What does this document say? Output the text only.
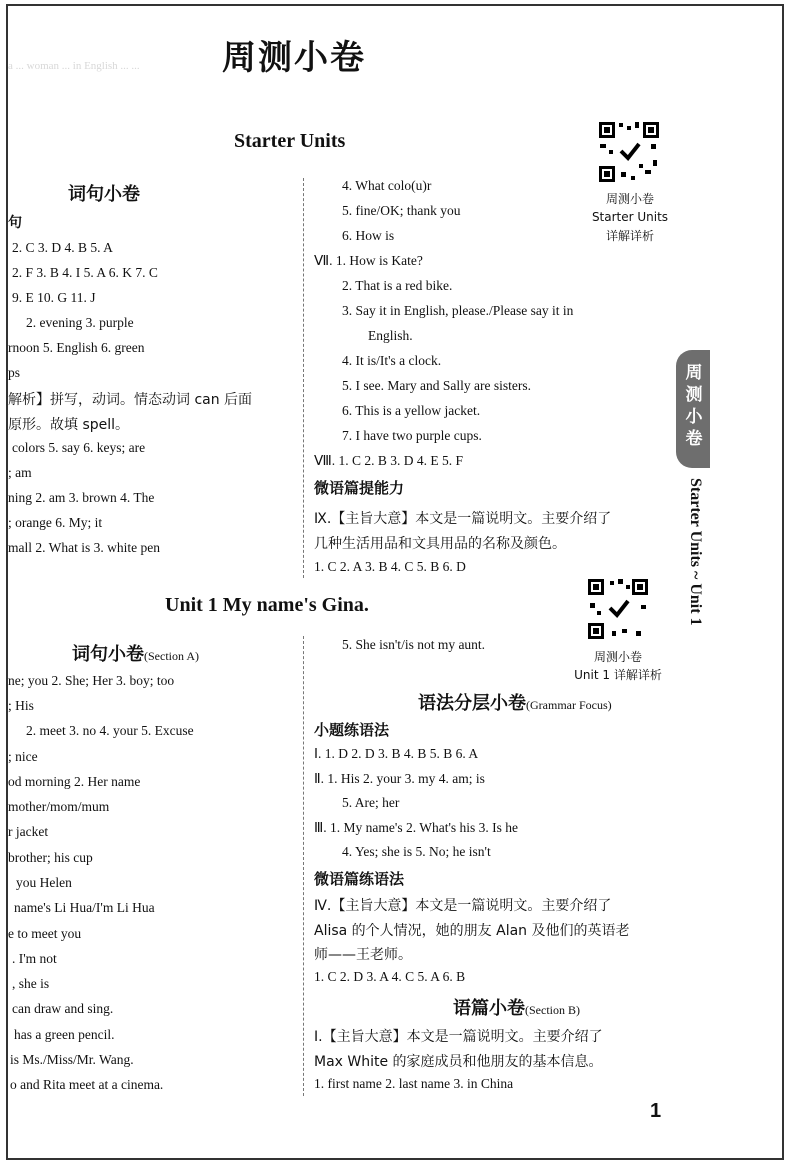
a ... woman ... in English ... ... 周测小卷
Starter Units
周测小卷
Starter Units
详解详析
词句小卷
句
2. C 3. D 4. B 5. A
2. F 3. B 4. I 5. A 6. K 7. C
9. E 10. G 11. J
2. evening 3. purple
rnoon 5. English 6. green
ps
解析】拼写，动词。情态动词 can 后面
原形。故填 spell。
colors 5. say 6. keys; are
; am
ning 2. am 3. brown 4. The
; orange 6. My; it
mall 2. What is 3. white pen
4. What colo(u)r
5. fine/OK; thank you
6. How is
Ⅶ. 1. How is Kate?
2. That is a red bike.
3. Say it in English, please./Please say it in
English.
4. It is/It's a clock.
5. I see. Mary and Sally are sisters.
6. This is a yellow jacket.
7. I have two purple cups.
Ⅷ. 1. C 2. B 3. D 4. E 5. F
微语篇提能力
Ⅸ.【主旨大意】本文是一篇说明文。主要介绍了
几种生活用品和文具用品的名称及颜色。
1. C 2. A 3. B 4. C 5. B 6. D
Unit 1 My name's Gina.
周测小卷
Unit 1 详解详析
词句小卷(Section A)
ne; you 2. She; Her 3. boy; too
; His
2. meet 3. no 4. your 5. Excuse
; nice
od morning 2. Her name
mother/mom/mum
r jacket
brother; his cup
you Helen
name's Li Hua/I'm Li Hua
e to meet you
. I'm not
, she is
can draw and sing.
has a green pencil.
is Ms./Miss/Mr. Wang.
o and Rita meet at a cinema.
5. She isn't/is not my aunt.
语法分层小卷(Grammar Focus)
小题练语法
Ⅰ. 1. D 2. D 3. B 4. B 5. B 6. A
Ⅱ. 1. His 2. your 3. my 4. am; is
5. Are; her
Ⅲ. 1. My name's 2. What's his 3. Is he
4. Yes; she is 5. No; he isn't
微语篇练语法
Ⅳ.【主旨大意】本文是一篇说明文。主要介绍了
Alisa 的个人情况，她的朋友 Alan 及他们的英语老
师——王老师。
1. C 2. D 3. A 4. C 5. A 6. B
语篇小卷(Section B)
Ⅰ.【主旨大意】本文是一篇说明文。主要介绍了
Max White 的家庭成员和他朋友的基本信息。
1. first name 2. last name 3. in China
周测小卷
Starter Units ~ Unit 1
1
